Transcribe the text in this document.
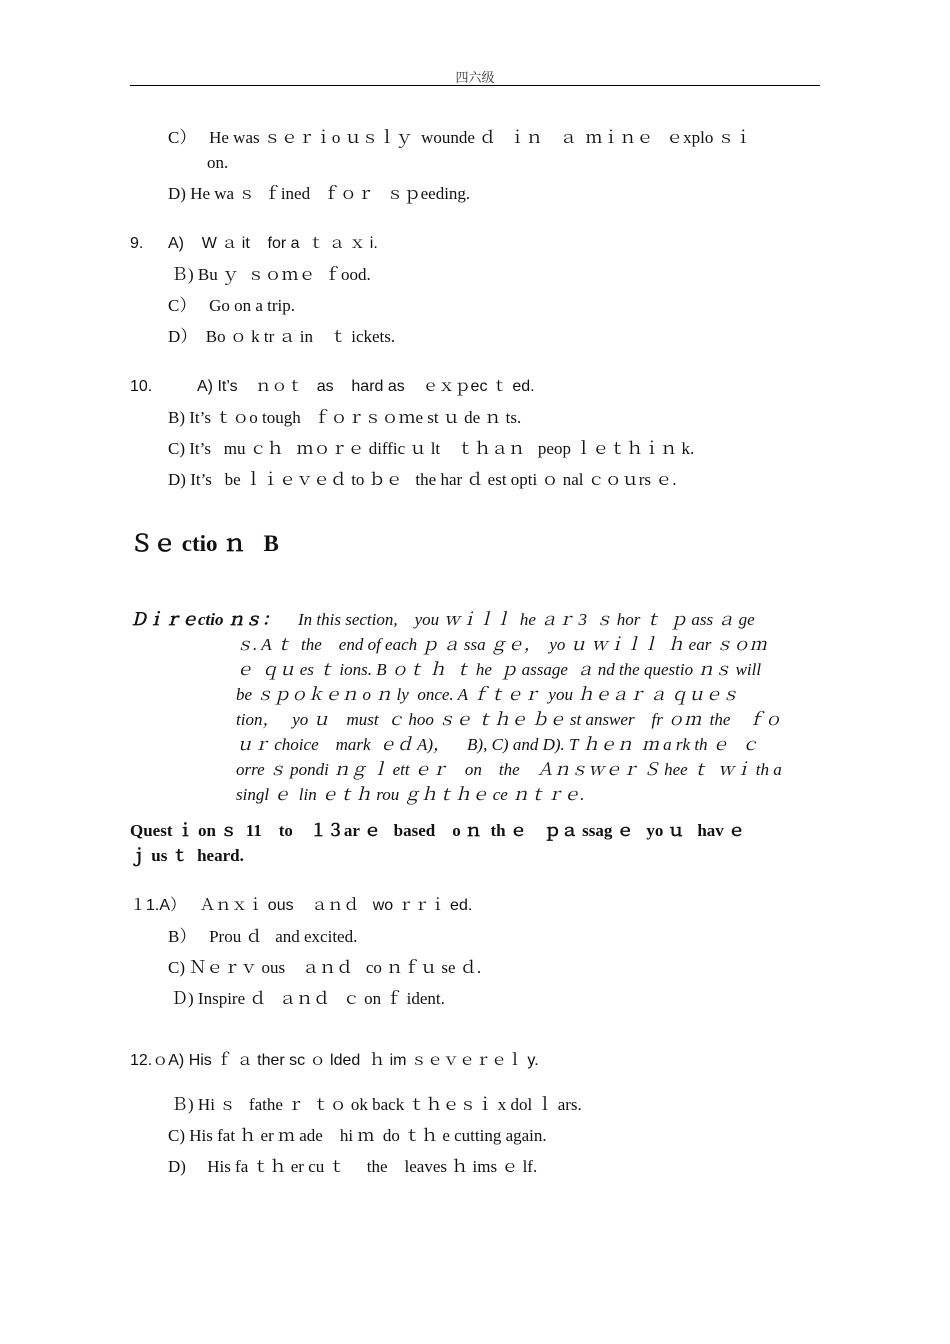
四六级
C）   He was ｓｅｒｉo ｕｓｌｙ  wounde ｄ   ｉｎ    ａ  ｍｉｎｅ   ｅxplo ｓｉ
on.
D) He wa ｓ  ｆined   ｆｏｒ   ｓｐeeding.
9. A)    W ａ it    for a  ｔ ａ ｘ i.
Ｂ) Bu ｙ  ｓｏｍｅ  ｆood.
C）   Go on a trip.
D）  Bo ｏ k tr ａ in    ｔ ickets.
10.	A) It’s    ｎｏｔ   as    hard as    ｅｘｐec ｔ ed.
B) It’s ｔｏo tough   ｆｏｒｓｏｍe st ｕ de ｎ ts.
C) It’s   mu ｃｈ   ｍｏｒｅ diffic ｕ lt    ｔｈａｎ   peop ｌｅｔｈｉｎ k.
D) It’s   be ｌｉｅｖｅｄ to ｂｅ   the har ｄ est opti ｏ nal ｃｏｕrs ｅ.
Ｓｅ ctio ｎ   B
Ｄｉｒｅctio ｎｓ： In this section,    you ｗｉｌｌ  he ａｒ 3  ｓ hor ｔ  ｐ ass ａ ge
ｓ. A ｔ  the    end of each ｐ ａ ssa ｇｅ，  yo ｕ ｗｉｌｌ  ｈ ear ｓｏｍ
ｅ  ｑｕ es ｔ ions. B ｏｔ ｈ  ｔ he  ｐ assage  ａ nd the questio ｎｓ will
be ｓｐｏｋｅｎ o ｎ ly  once. A ｆｔｅｒ  you ｈｅａｒ ａ ｑｕｅｓ
tion，   yo ｕ    must  ｃ hoo ｓｅ ｔｈｅ ｂｅ st answer    fr ｏｍ  the    ｆｏ
ｕｒ choice    mark  ｅｄ A)，    B), C) and D). T ｈｅｎ  ｍ a rk th ｅ   ｃ
orre ｓ pondi ｎｇ ｌ ett ｅｒ    on    the    Ａｎｓｗｅｒ Ｓ hee ｔ  ｗｉ th a
singl ｅ  lin ｅｔｈ rou ｇｈｔｈｅ ce ｎｔｒｅ.
Quest ｉ on ｓ  11    to    １３ar ｅ   based    o ｎ  th ｅ    ｐａ ssag ｅ   yo ｕ   hav ｅ
ｊ us ｔ  heard.
１1.A）   Ａｎｘｉ ous    ａｎｄ   wo ｒｒｉ ed.
B）   Prou ｄ   and excited.
C) Ｎｅｒｖ ous    ａｎｄ   co ｎｆｕ se ｄ.
Ｄ) Inspire ｄ   ａｎｄ   ｃ on ｆ ident.
12.ｏA) His ｆ ａ ther sc ｏ lded  ｈ im ｓｅｖｅｒｅｌ y.
Ｂ) Hi ｓ   fathe ｒ  ｔｏ ok back ｔｈｅｓｉ x dol ｌ ars.
C) His fat ｈ er ｍ ade    hi ｍ  do ｔｈ e cutting again.
D)     His fa ｔｈ er cu ｔ     the    leaves ｈ ims ｅ lf.
